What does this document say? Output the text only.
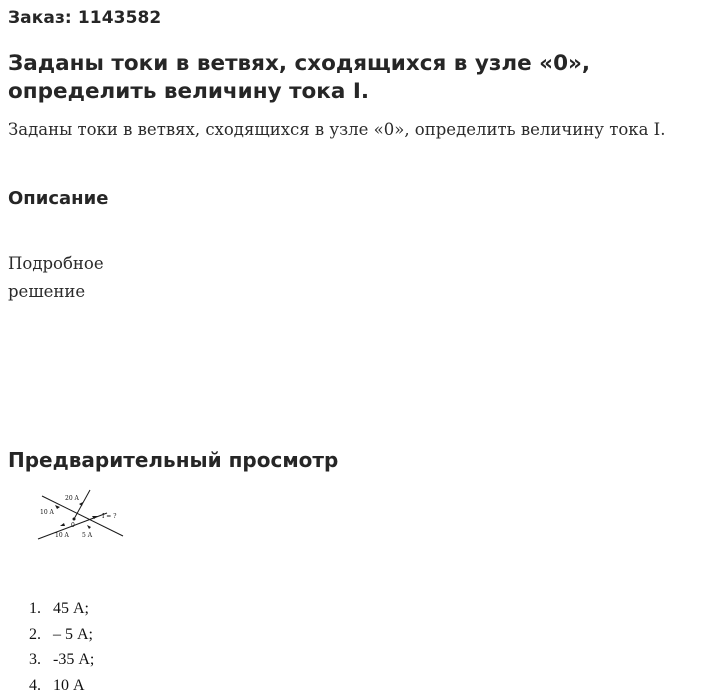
Заказ: 1143582
Заданы токи в ветвях, сходящихся в узле «0», определить величину тока I.
Заданы токи в ветвях, сходящихся в узле «0», определить величину тока I.
Описание
Подробное
решение
Предварительный просмотр
20 A
10 A
0
I = ?
10 A 5 A
1. 45 А;
2. – 5 А;
3. -35 А;
4. 10 А
